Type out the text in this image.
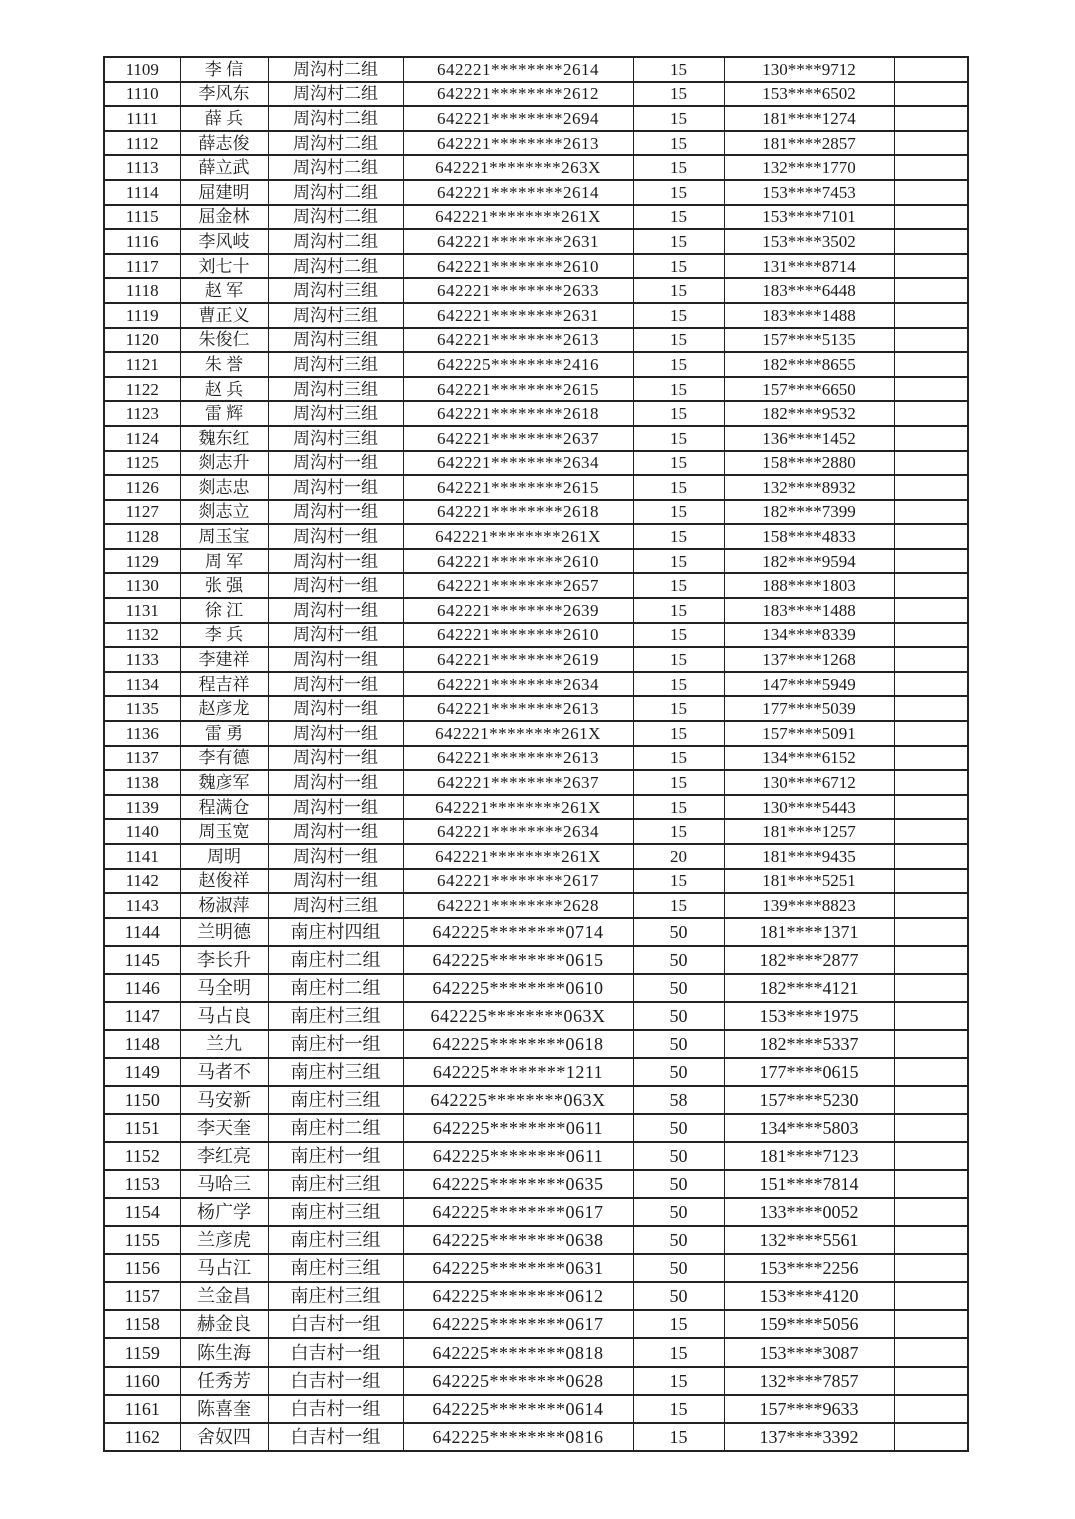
1109	李 信	周沟村二组	642221********2614	15	130****9712	
1110	李风东	周沟村二组	642221********2612	15	153****6502	
1111	薛 兵	周沟村二组	642221********2694	15	181****1274	
1112	薛志俊	周沟村二组	642221********2613	15	181****2857	
1113	薛立武	周沟村二组	642221********263X	15	132****1770	
1114	屈建明	周沟村二组	642221********2614	15	153****7453	
1115	屈金林	周沟村二组	642221********261X	15	153****7101	
1116	李风岐	周沟村二组	642221********2631	15	153****3502	
1117	刘七十	周沟村二组	642221********2610	15	131****8714	
1118	赵 军	周沟村三组	642221********2633	15	183****6448	
1119	曹正义	周沟村三组	642221********2631	15	183****1488	
1120	朱俊仁	周沟村三组	642221********2613	15	157****5135	
1121	朱 誉	周沟村三组	642225********2416	15	182****8655	
1122	赵 兵	周沟村三组	642221********2615	15	157****6650	
1123	雷 辉	周沟村三组	642221********2618	15	182****9532	
1124	魏东红	周沟村三组	642221********2637	15	136****1452	
1125	剡志升	周沟村一组	642221********2634	15	158****2880	
1126	剡志忠	周沟村一组	642221********2615	15	132****8932	
1127	剡志立	周沟村一组	642221********2618	15	182****7399	
1128	周玉宝	周沟村一组	642221********261X	15	158****4833	
1129	周 军	周沟村一组	642221********2610	15	182****9594	
1130	张 强	周沟村一组	642221********2657	15	188****1803	
1131	徐 江	周沟村一组	642221********2639	15	183****1488	
1132	李 兵	周沟村一组	642221********2610	15	134****8339	
1133	李建祥	周沟村一组	642221********2619	15	137****1268	
1134	程吉祥	周沟村一组	642221********2634	15	147****5949	
1135	赵彦龙	周沟村一组	642221********2613	15	177****5039	
1136	雷 勇	周沟村一组	642221********261X	15	157****5091	
1137	李有德	周沟村一组	642221********2613	15	134****6152	
1138	魏彦军	周沟村一组	642221********2637	15	130****6712	
1139	程满仓	周沟村一组	642221********261X	15	130****5443	
1140	周玉宽	周沟村一组	642221********2634	15	181****1257	
1141	周明	周沟村一组	642221********261X	20	181****9435	
1142	赵俊祥	周沟村一组	642221********2617	15	181****5251	
1143	杨淑萍	周沟村三组	642221********2628	15	139****8823	
1144	兰明德	南庄村四组	642225********0714	50	181****1371	
1145	李长升	南庄村二组	642225********0615	50	182****2877	
1146	马全明	南庄村二组	642225********0610	50	182****4121	
1147	马占良	南庄村三组	642225********063X	50	153****1975	
1148	兰九	南庄村一组	642225********0618	50	182****5337	
1149	马者不	南庄村三组	642225********1211	50	177****0615	
1150	马安新	南庄村三组	642225********063X	58	157****5230	
1151	李天奎	南庄村二组	642225********0611	50	134****5803	
1152	李红亮	南庄村一组	642225********0611	50	181****7123	
1153	马哈三	南庄村三组	642225********0635	50	151****7814	
1154	杨广学	南庄村三组	642225********0617	50	133****0052	
1155	兰彦虎	南庄村三组	642225********0638	50	132****5561	
1156	马占江	南庄村三组	642225********0631	50	153****2256	
1157	兰金昌	南庄村三组	642225********0612	50	153****4120	
1158	赫金良	白吉村一组	642225********0617	15	159****5056	
1159	陈生海	白吉村一组	642225********0818	15	153****3087	
1160	任秀芳	白吉村一组	642225********0628	15	132****7857	
1161	陈喜奎	白吉村一组	642225********0614	15	157****9633	
1162	舍奴四	白吉村一组	642225********0816	15	137****3392	
